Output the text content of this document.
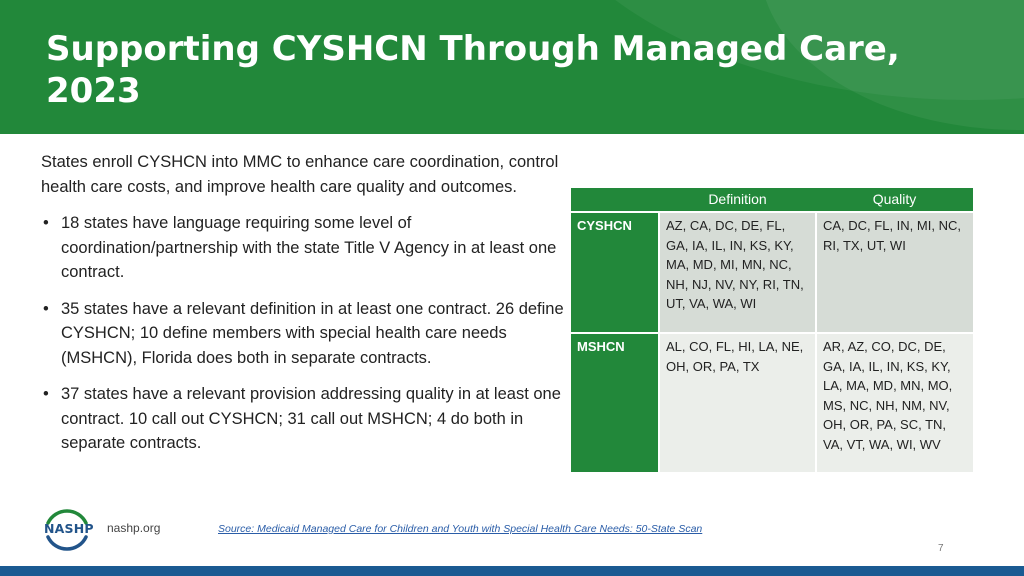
Supporting CYSHCN Through Managed Care, 2023

States enroll CYSHCN into MMC to enhance care coordination, control health care costs, and improve health care quality and outcomes.

• 18 states have language requiring some level of coordination/partnership with the state Title V Agency in at least one contract.
• 35 states have a relevant definition in at least one contract. 26 define CYSHCN; 10 define members with special health care needs (MSHCN), Florida does both in separate contracts.
• 37 states have a relevant provision addressing quality in at least one contract. 10 call out CYSHCN; 31 call out MSHCN; 4 do both in separate contracts.
	Definition	Quality
CYSHCN	AZ, CA, DC, DE, FL, GA, IA, IL, IN, KS, KY, MA, MD, MI, MN, NC, NH, NJ, NV, NY, RI, TN, UT, VA, WA, WI	CA, DC, FL, IN, MI, NC, RI, TX, UT, WI
MSHCN	AL, CO, FL, HI, LA, NE, OH, OR, PA, TX	AR, AZ, CO, DC, DE, GA, IA, IL, IN, KS, KY, LA, MA, MD, MN, MO, MS, NC, NH, NM, NV, OH, OR, PA, SC, TN, VA, VT, WA, WI, WV
NASHP nashp.org	Source: Medicaid Managed Care for Children and Youth with Special Health Care Needs: 50-State Scan
7
